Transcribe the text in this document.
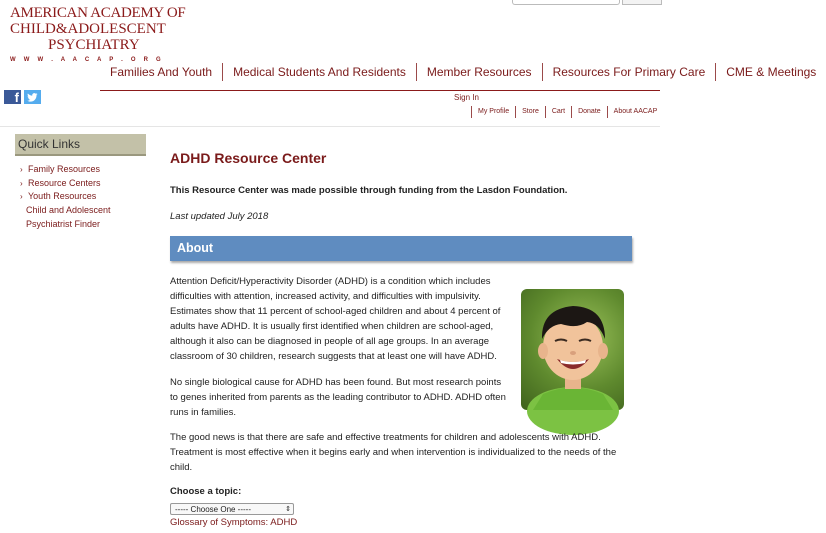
AMERICAN ACADEMY OF
CHILD&ADOLESCENT
PSYCHIATRY
W W W . A A C A P . O R G
Families And Youth	Medical Students And Residents	Member Resources	Resources For Primary Care	CME & Meetings
f	Sign In
My Profile	Store	Cart	Donate	About AACAP
Quick Links
› Family Resources
› Resource Centers
› Youth Resources
Child and Adolescent
Psychiatrist Finder
ADHD Resource Center
This Resource Center was made possible through funding from the Lasdon Foundation.
Last updated July 2018
About
Attention Deficit/Hyperactivity Disorder (ADHD) is a condition which includes difficulties with attention, increased activity, and difficulties with impulsivity. Estimates show that 11 percent of school-aged children and about 4 percent of adults have ADHD. It is usually first identified when children are school-aged, although it also can be diagnosed in people of all age groups. In an average classroom of 30 children, research suggests that at least one will have ADHD.
No single biological cause for ADHD has been found. But most research points to genes inherited from parents as the leading contributor to ADHD. ADHD often runs in families.
The good news is that there are safe and effective treatments for children and adolescents with ADHD. Treatment is most effective when it begins early and when intervention is individualized to the needs of the child.
Choose a topic:
----- Choose One -----	⇕
Glossary of Symptoms: ADHD
